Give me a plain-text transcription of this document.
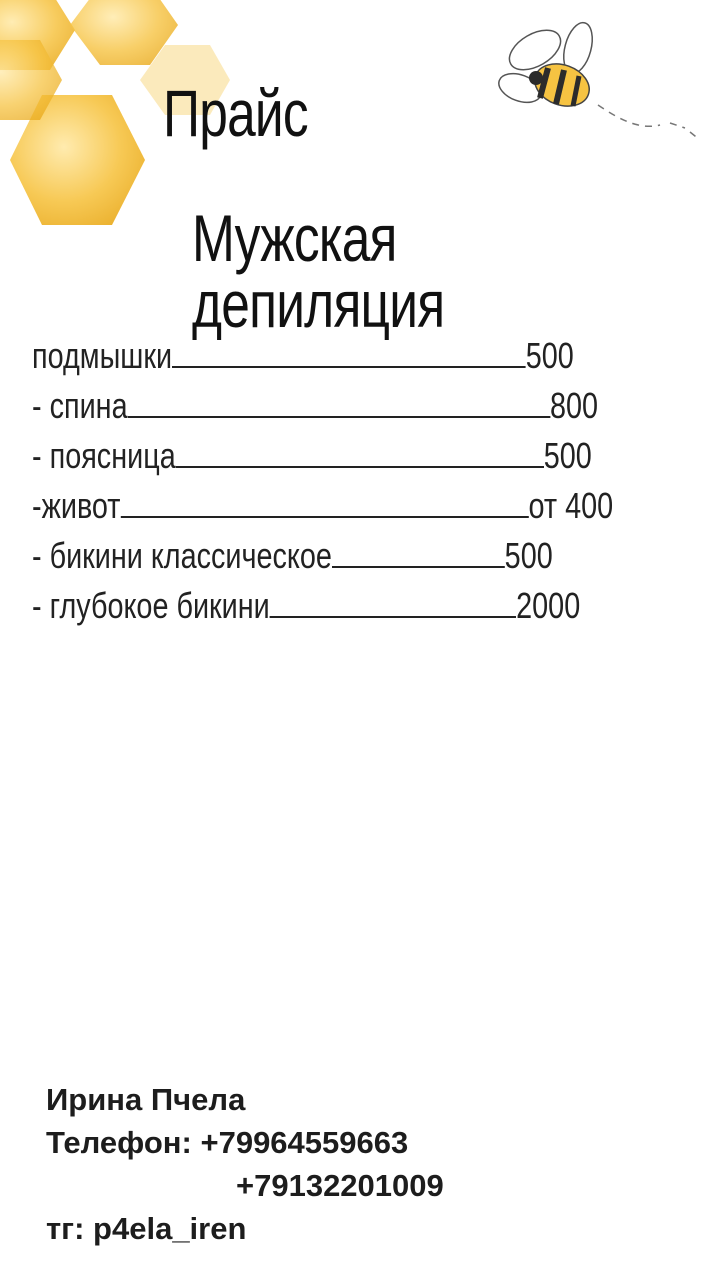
Прайс
Мужская депиляция
подмышки	500
- спина	800
- поясница	500
-живот	от 400
- бикини классическое	500
- глубокое бикини	2000
Ирина Пчела
Телефон: +79964559663
+79132201009
тг: p4ela_iren
